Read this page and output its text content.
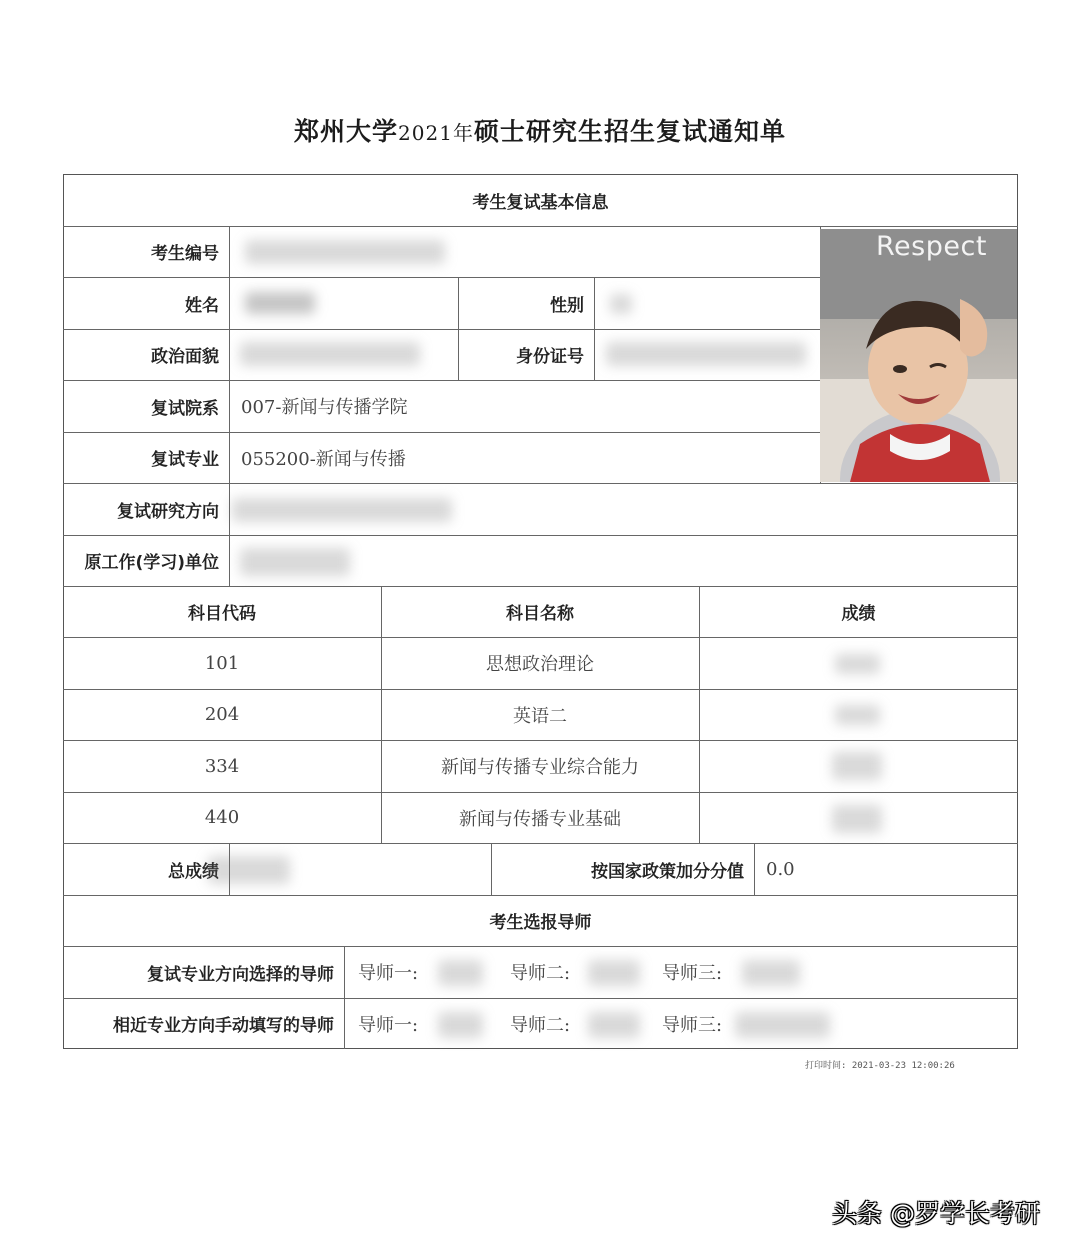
郑州大学2021年硕士研究生招生复试通知单
考生复试基本信息
考生编号
姓名	性别
政治面貌	身份证号
复试院系	007-新闻与传播学院
复试专业	055200-新闻与传播
Respect
复试研究方向
原工作(学习)单位
科目代码	科目名称	成绩
101	思想政治理论
204	英语二
334	新闻与传播专业综合能力
440	新闻与传播专业基础
总成绩	按国家政策加分分值	0.0
考生选报导师
复试专业方向选择的导师	导师一:	导师二:	导师三:
相近专业方向手动填写的导师	导师一:	导师二:	导师三:
打印时间: 2021-03-23 12:00:26
头条 @罗学长考研
